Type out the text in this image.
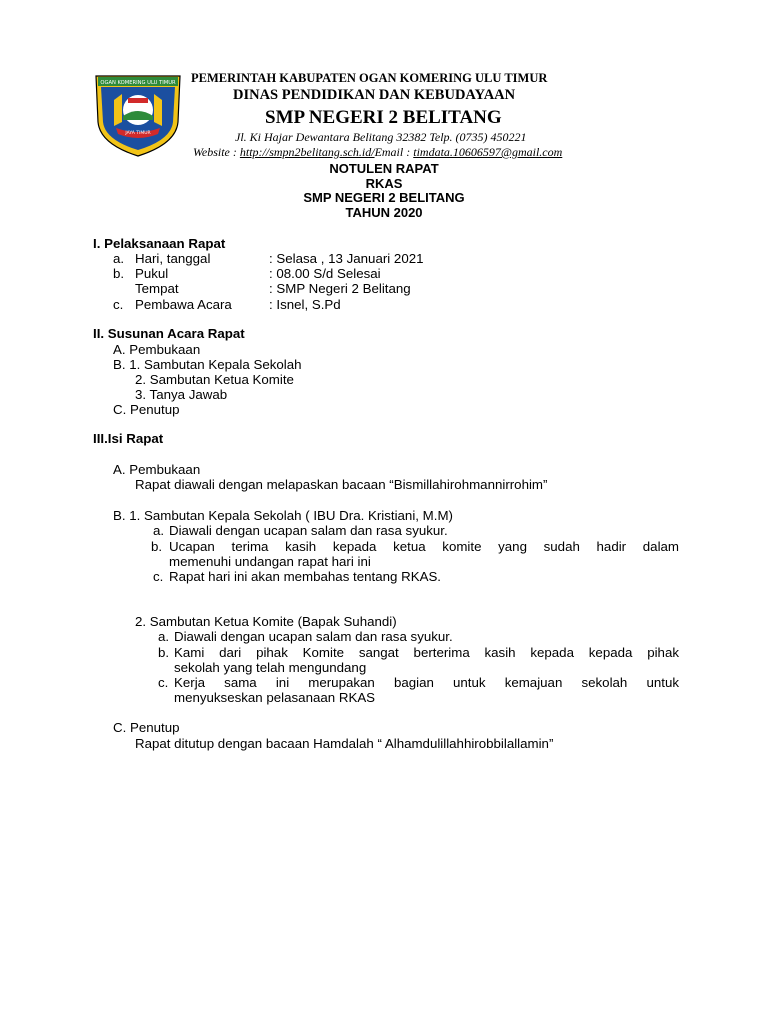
OGAN KOMERING ULU TIMUR
JAYA TIMUR
PEMERINTAH KABUPATEN OGAN KOMERING ULU TIMUR
DINAS PENDIDIKAN DAN KEBUDAYAAN
SMP NEGERI 2 BELITANG
Jl. Ki Hajar Dewantara Belitang 32382 Telp. (0735) 450221
Website : http://smpn2belitang.sch.id/Email : timdata.10606597@gmail.com
NOTULEN RAPAT
RKAS
SMP NEGERI 2 BELITANG
TAHUN 2020
I. Pelaksanaan Rapat
a. Hari, tanggal	: Selasa , 13 Januari 2021
b. Pukul	: 08.00 S/d Selesai
Tempat	: SMP Negeri 2 Belitang
c. Pembawa Acara	: Isnel, S.Pd
II. Susunan Acara Rapat
A. Pembukaan
B. 1. Sambutan Kepala Sekolah
2. Sambutan Ketua Komite
3. Tanya Jawab
C. Penutup
III.Isi Rapat
A. Pembukaan
Rapat diawali dengan melapaskan bacaan “Bismillahirohmannirrohim”
B. 1. Sambutan Kepala Sekolah ( IBU Dra. Kristiani, M.M)
a. Diawali dengan ucapan salam dan rasa syukur.
b. Ucapan terima kasih kepada ketua komite yang sudah hadir dalam
memenuhi undangan rapat hari ini
c. Rapat hari ini akan membahas tentang RKAS.
2. Sambutan Ketua Komite (Bapak Suhandi)
a. Diawali dengan ucapan salam dan rasa syukur.
b. Kami dari pihak Komite sangat berterima kasih kepada kepada pihak
sekolah yang telah mengundang
c. Kerja sama ini merupakan bagian untuk kemajuan sekolah untuk
menyukseskan pelasanaan RKAS
C. Penutup
Rapat ditutup dengan bacaan Hamdalah “ Alhamdulillahhirobbilallamin”
